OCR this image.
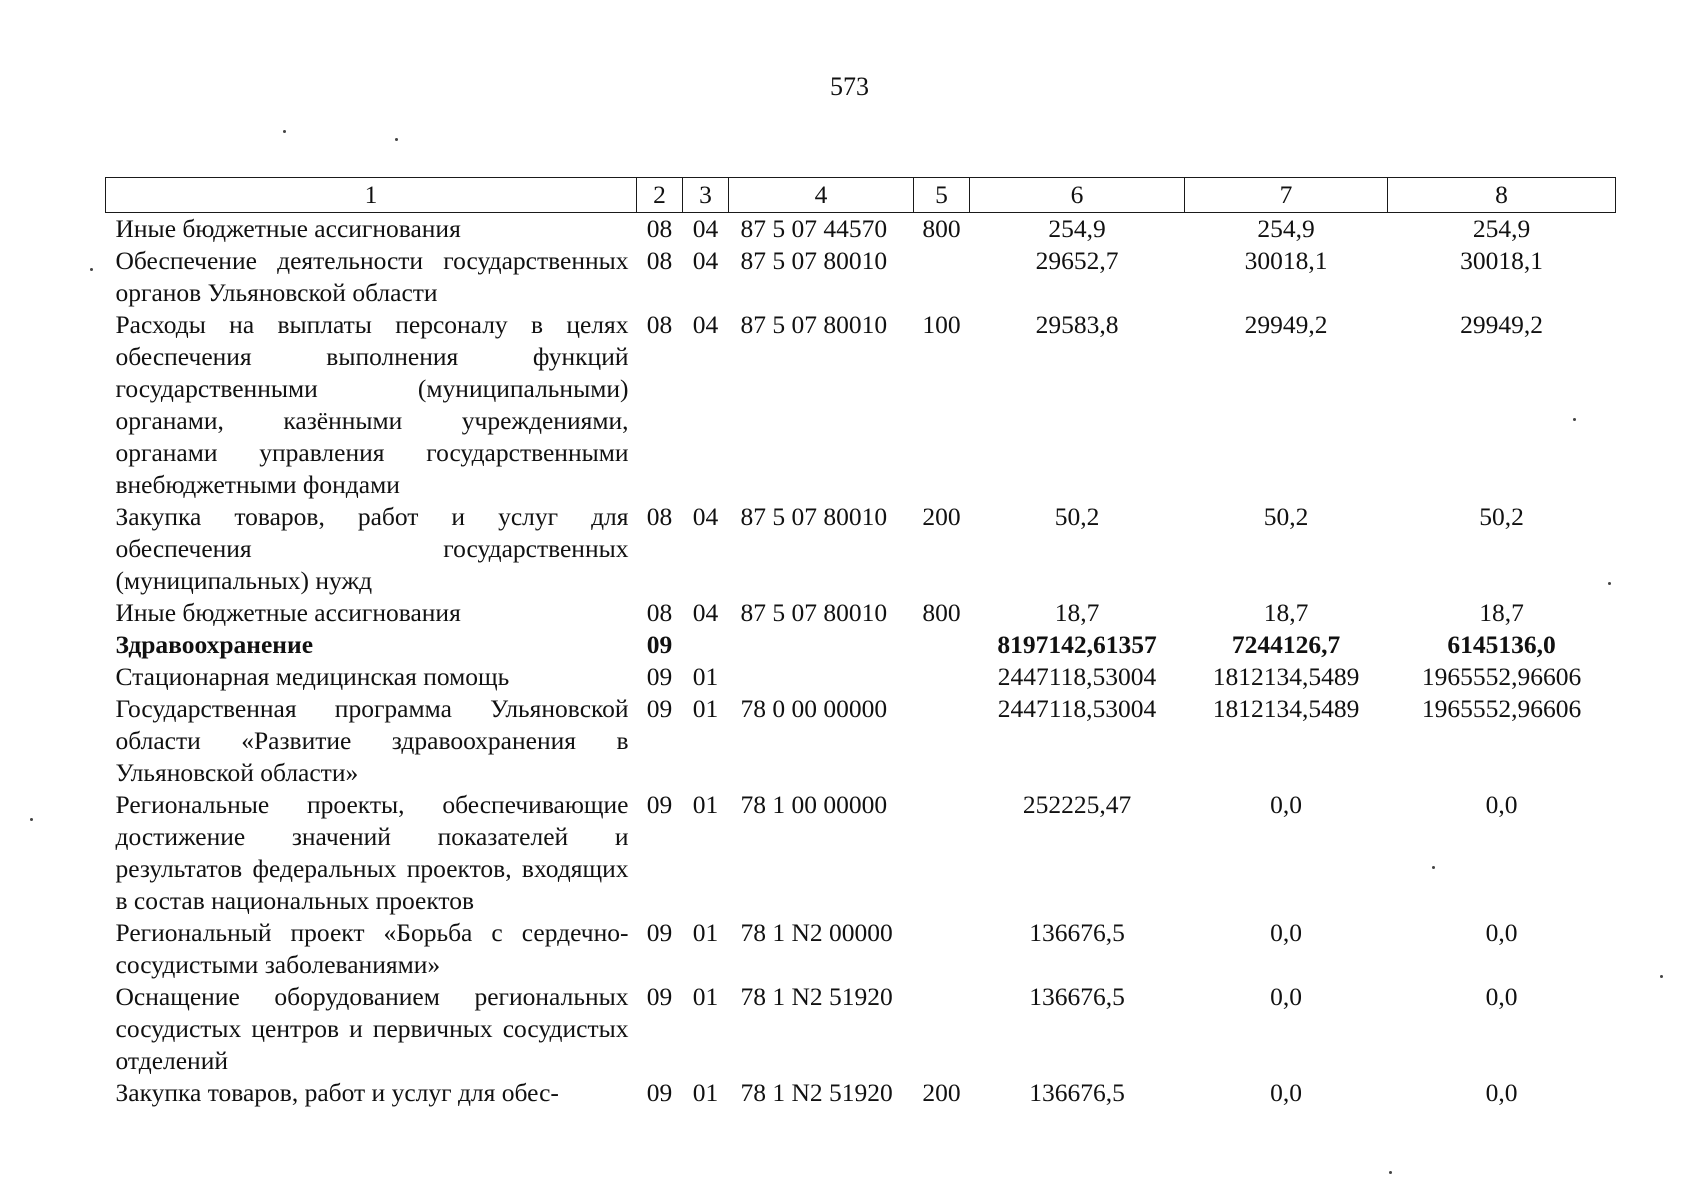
573
1	2	3	4	5	6	7	8
Иные бюджетные ассигнования	08	04	87 5 07 44570	800	254,9	254,9	254,9
Обеспечение деятельности государственных органов Ульяновской области	08	04	87 5 07 80010		29652,7	30018,1	30018,1
Расходы на выплаты персоналу в целях обеспечения выполнения функций государственными (муниципальными) органами, казёнными учреждениями, органами управления государственными внебюджетными фондами	08	04	87 5 07 80010	100	29583,8	29949,2	29949,2
Закупка товаров, работ и услуг для обеспечения государственных (муниципальных) нужд	08	04	87 5 07 80010	200	50,2	50,2	50,2
Иные бюджетные ассигнования	08	04	87 5 07 80010	800	18,7	18,7	18,7
Здравоохранение	09				8197142,61357	7244126,7	6145136,0
Стационарная медицинская помощь	09	01			2447118,53004	1812134,5489	1965552,96606
Государственная программа Ульяновской области «Развитие здравоохранения в Ульяновской области»	09	01	78 0 00 00000		2447118,53004	1812134,5489	1965552,96606
Региональные проекты, обеспечивающие достижение значений показателей и результатов федеральных проектов, входящих в состав национальных проектов	09	01	78 1 00 00000		252225,47	0,0	0,0
Региональный проект «Борьба с сердечно-сосудистыми заболеваниями»	09	01	78 1 N2 00000		136676,5	0,0	0,0
Оснащение оборудованием региональных сосудистых центров и первичных сосудистых отделений	09	01	78 1 N2 51920		136676,5	0,0	0,0
Закупка товаров, работ и услуг для обес-	09	01	78 1 N2 51920	200	136676,5	0,0	0,0
